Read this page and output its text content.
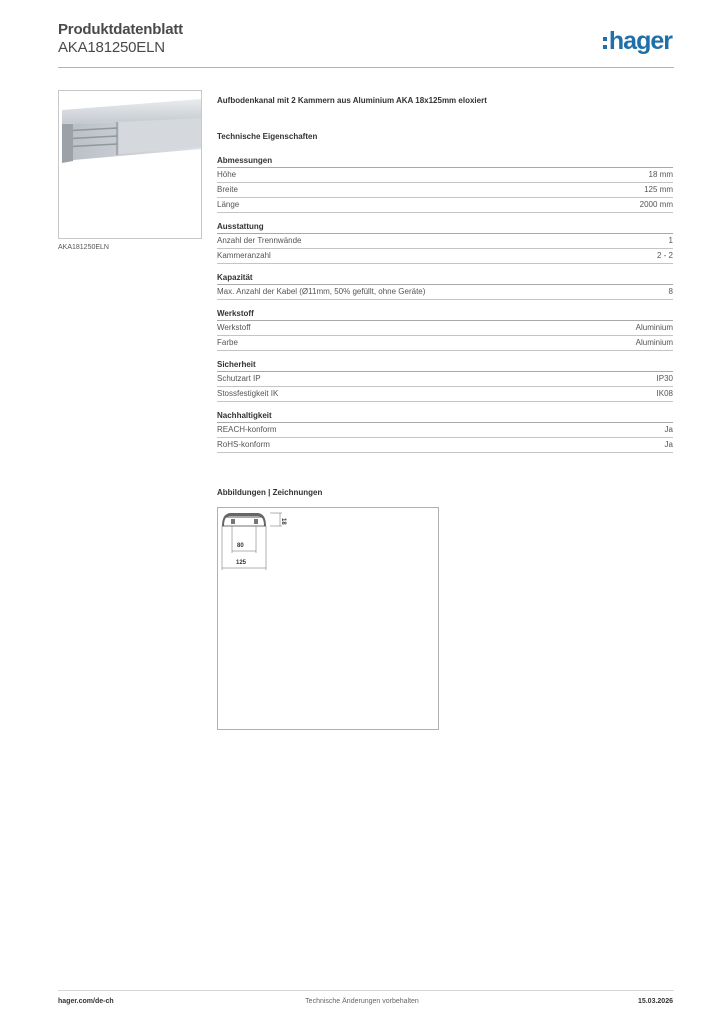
Produktdatenblatt
AKA181250ELN	hager
AKA181250ELN
Aufbodenkanal mit 2 Kammern aus Aluminium AKA 18x125mm eloxiert
Technische Eigenschaften
Abmessungen
Höhe	18 mm
Breite	125 mm
Länge	2000 mm
Ausstattung
Anzahl der Trennwände	1
Kammeranzahl	2 - 2
Kapazität
Max. Anzahl der Kabel (Ø11mm, 50% gefüllt, ohne Geräte)	8
Werkstoff
Werkstoff	Aluminium
Farbe	Aluminium
Sicherheit
Schutzart IP	IP30
Stossfestigkeit IK	IK08
Nachhaltigkeit
REACH-konform	Ja
RoHS-konform	Ja
Abbildungen | Zeichnungen
18
80
125
hager.com/de-ch	Technische Änderungen vorbehalten	15.03.2026
